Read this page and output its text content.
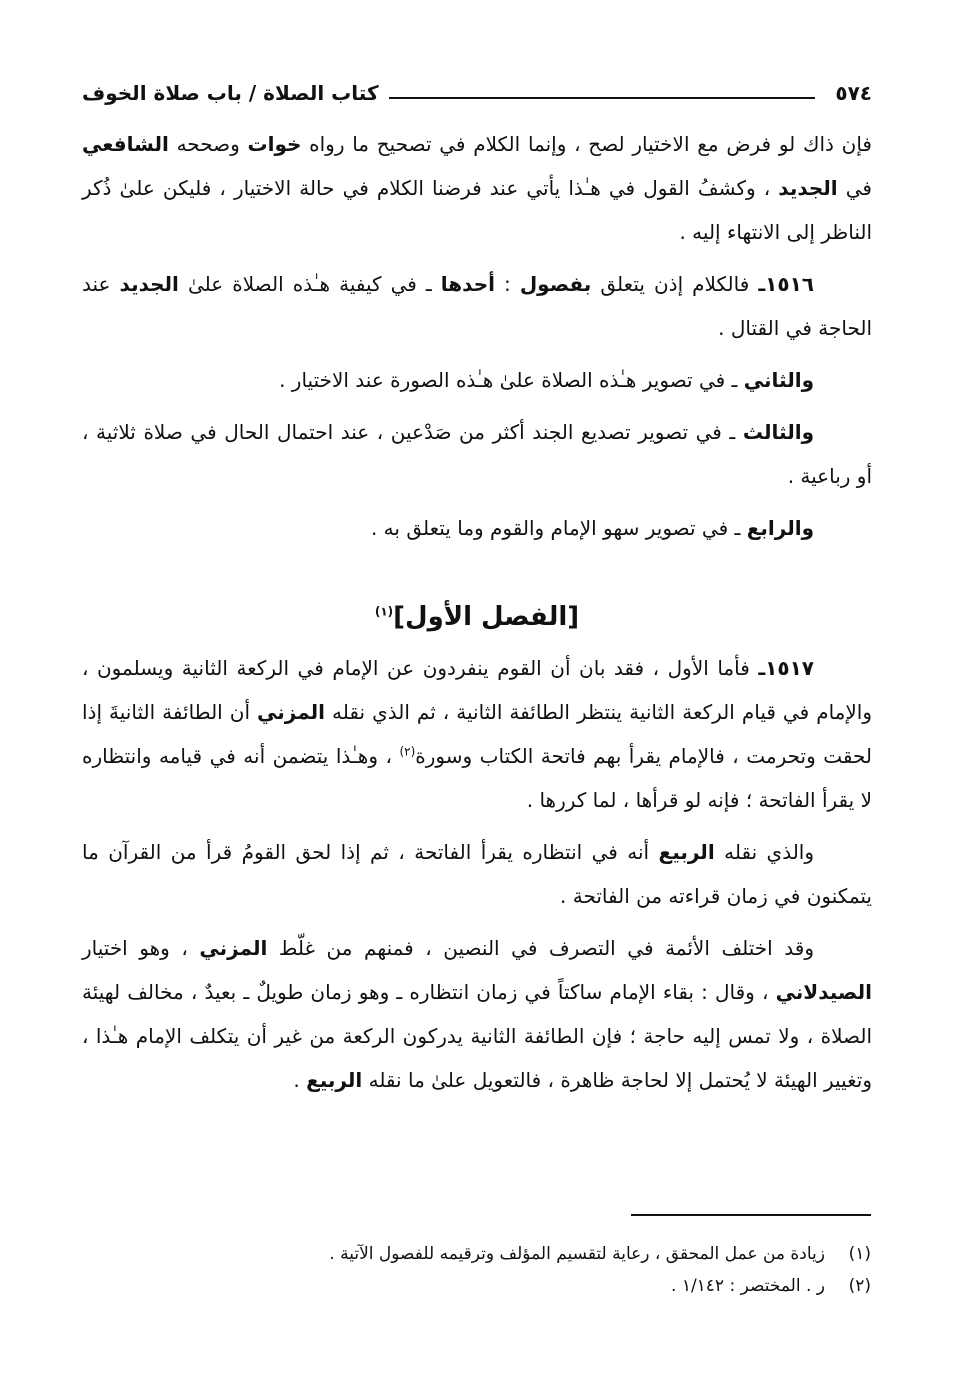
٥٧٤
كتاب الصلاة / باب صلاة الخوف

فإن ذاك لو فرض مع الاختيار لصح ، وإنما الكلام في تصحيح ما رواه خوات وصححه الشافعي في الجديد ، وكشفُ القول في هـٰذا يأتي عند فرضنا الكلام في حالة الاختيار ، فليكن علىٰ ذُكر الناظر إلى الانتهاء إليه .

١٥١٦ـ فالكلام إذن يتعلق بفصول : أحدها ـ في كيفية هـٰذه الصلاة علىٰ الجديد عند الحاجة في القتال .

والثاني ـ في تصوير هـٰذه الصلاة علىٰ هـٰذه الصورة عند الاختيار .

والثالث ـ في تصوير تصديع الجند أكثر من صَدْعين ، عند احتمال الحال في صلاة ثلاثية ، أو رباعية .

والرابع ـ في تصوير سهو الإمام والقوم وما يتعلق به .

[الفصل الأول]$^{(١)}$

١٥١٧ـ فأما الأول ، فقد بان أن القوم ينفردون عن الإمام في الركعة الثانية ويسلمون ، والإمام في قيام الركعة الثانية ينتظر الطائفة الثانية ، ثم الذي نقله المزني أن الطائفة الثانيةَ إذا لحقت وتحرمت ، فالإمام يقرأ بهم فاتحة الكتاب وسورة$^{(٢)}$ ، وهـٰذا يتضمن أنه في قيامه وانتظاره لا يقرأ الفاتحة ؛ فإنه لو قرأها ، لما كررها .

والذي نقله الربيع أنه في انتظاره يقرأ الفاتحة ، ثم إذا لحق القومُ قرأ من القرآن ما يتمكنون في زمان قراءته من الفاتحة .

وقد اختلف الأئمة في التصرف في النصين ، فمنهم من غلّط المزني ، وهو اختيار الصيدلاني ، وقال : بقاء الإمام ساكتاً في زمان انتظاره ـ وهو زمان طويلٌ ـ بعيدٌ ، مخالف لهيئة الصلاة ، ولا تمس إليه حاجة ؛ فإن الطائفة الثانية يدركون الركعة من غير أن يتكلف الإمام هـٰذا ، وتغيير الهيئة لا يُحتمل إلا لحاجة ظاهرة ، فالتعويل علىٰ ما نقله الربيع .

(١)زيادة من عمل المحقق ، رعاية لتقسيم المؤلف وترقيمه للفصول الآتية .
(٢)ر . المختصر : ١/١٤٢ .
